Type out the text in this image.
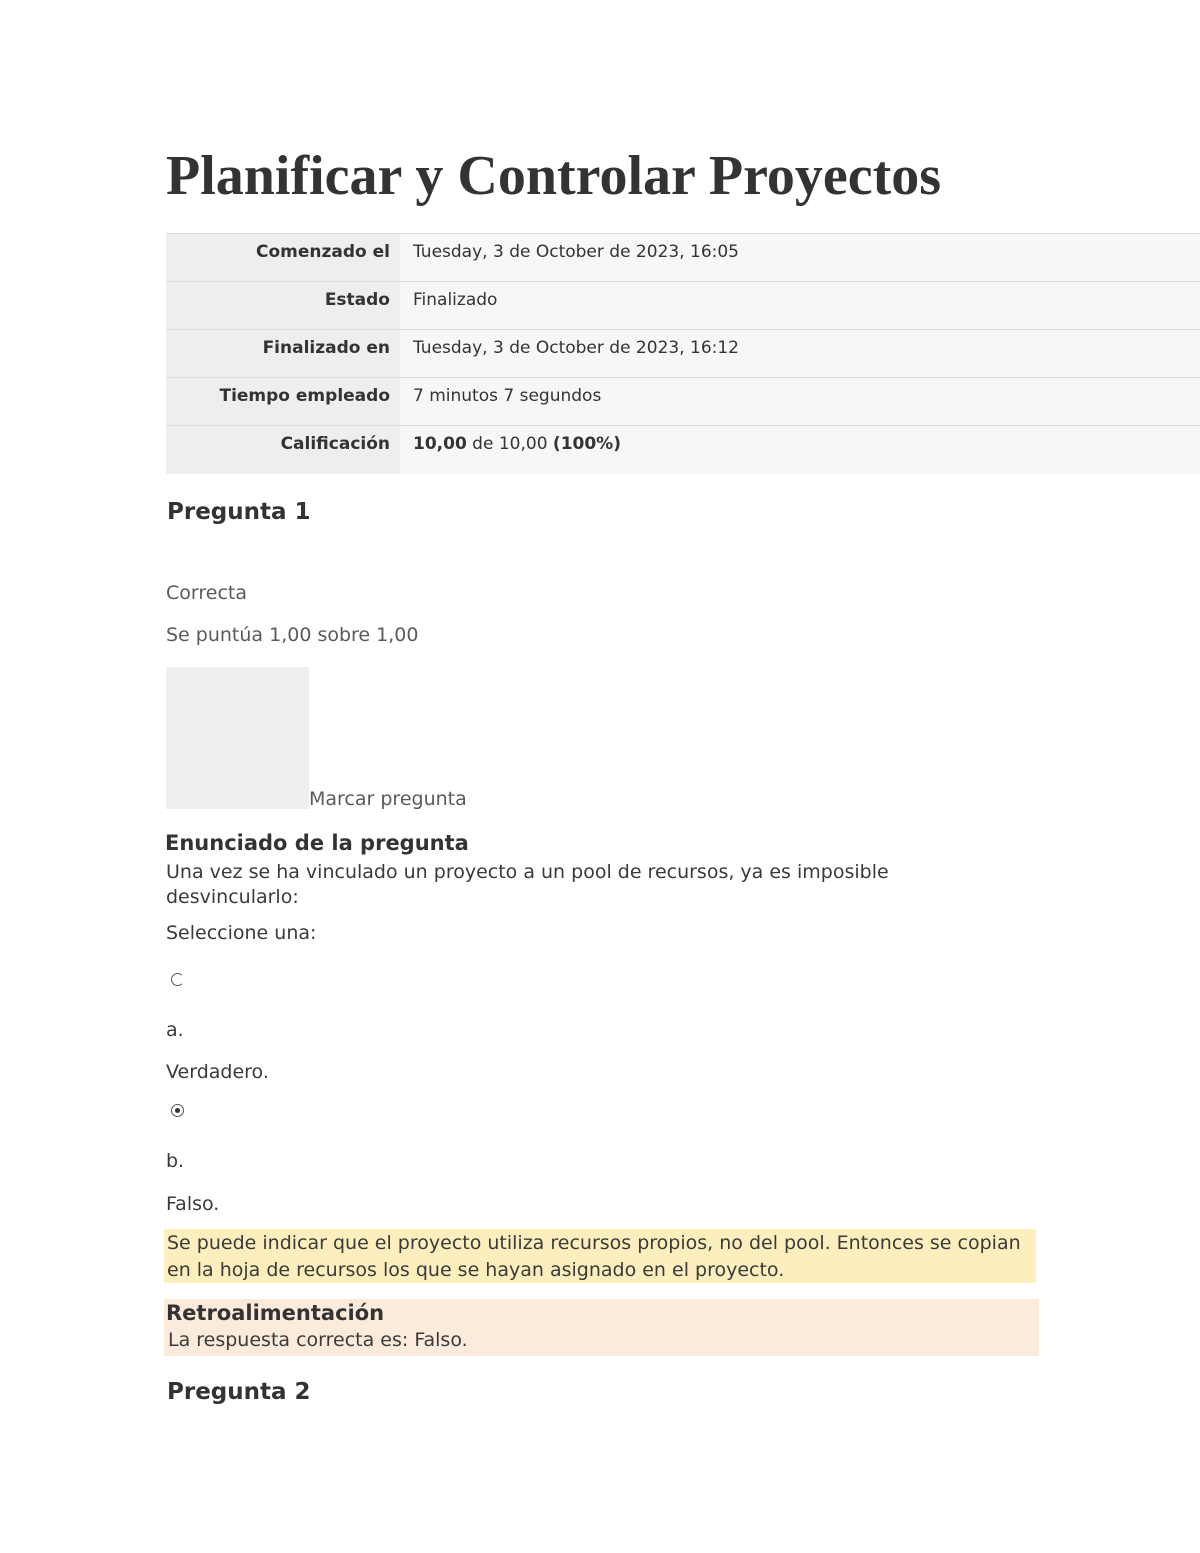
Planificar y Controlar Proyectos
Comenzado el	Tuesday, 3 de October de 2023, 16:05
Estado	Finalizado
Finalizado en	Tuesday, 3 de October de 2023, 16:12
Tiempo empleado	7 minutos 7 segundos
Calificación	10,00 de 10,00 (100%)
Pregunta 1
Correcta
Se puntúa 1,00 sobre 1,00
Marcar pregunta
Enunciado de la pregunta
Una vez se ha vinculado un proyecto a un pool de recursos, ya es imposible desvincularlo:
Seleccione una:
a.
Verdadero.
b.
Falso.
Se puede indicar que el proyecto utiliza recursos propios, no del pool. Entonces se copian en la hoja de recursos los que se hayan asignado en el proyecto.
Retroalimentación
La respuesta correcta es: Falso.
Pregunta 2
